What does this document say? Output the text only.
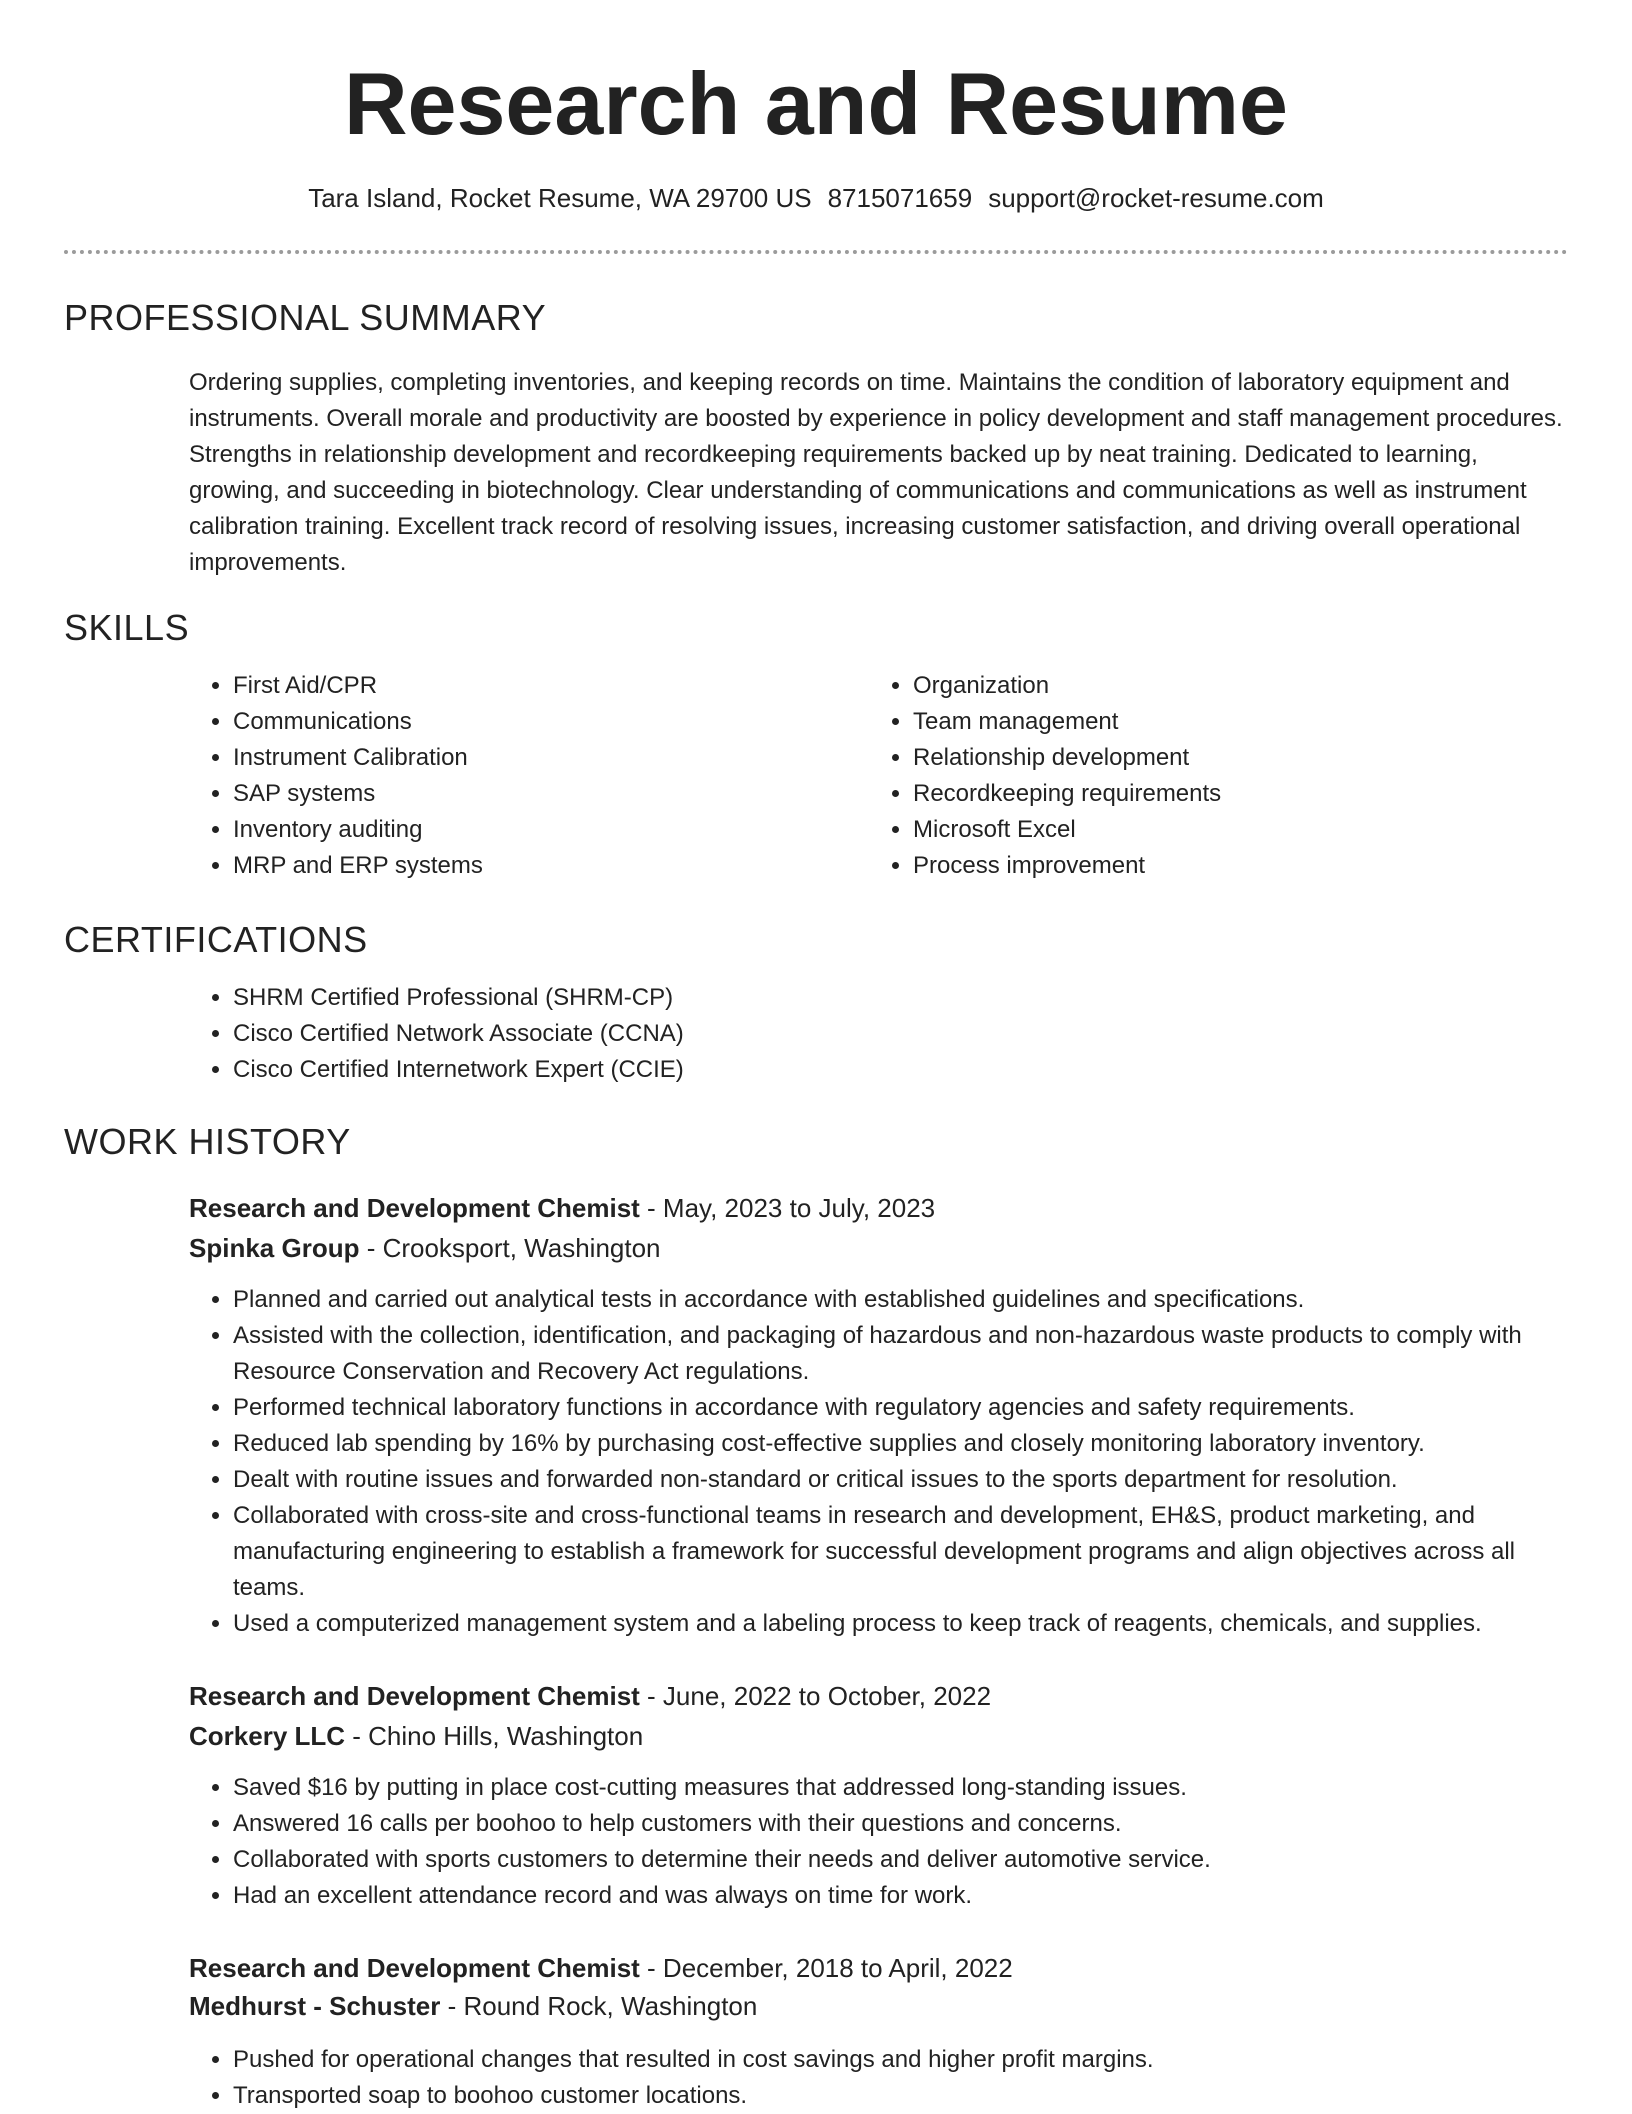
Research and Resume
Tara Island, Rocket Resume, WA 29700 US 8715071659 support@rocket-resume.com
PROFESSIONAL SUMMARY

Ordering supplies, completing inventories, and keeping records on time. Maintains the condition of laboratory equipment and instruments. Overall morale and productivity are boosted by experience in policy development and staff management procedures. Strengths in relationship development and recordkeeping requirements backed up by neat training. Dedicated to learning, growing, and succeeding in biotechnology. Clear understanding of communications and communications as well as instrument calibration training. Excellent track record of resolving issues, increasing customer satisfaction, and driving overall operational improvements.

SKILLS
• First Aid/CPR
• Communications
• Instrument Calibration
• SAP systems
• Inventory auditing
• MRP and ERP systems
• Organization
• Team management
• Relationship development
• Recordkeeping requirements
• Microsoft Excel
• Process improvement
CERTIFICATIONS
• SHRM Certified Professional (SHRM-CP)
• Cisco Certified Network Associate (CCNA)
• Cisco Certified Internetwork Expert (CCIE)
WORK HISTORY
Research and Development Chemist - May, 2023 to July, 2023
Spinka Group - Crooksport, Washington
• Planned and carried out analytical tests in accordance with established guidelines and specifications.
• Assisted with the collection, identification, and packaging of hazardous and non-hazardous waste products to comply with Resource Conservation and Recovery Act regulations.
• Performed technical laboratory functions in accordance with regulatory agencies and safety requirements.
• Reduced lab spending by 16% by purchasing cost-effective supplies and closely monitoring laboratory inventory.
• Dealt with routine issues and forwarded non-standard or critical issues to the sports department for resolution.
• Collaborated with cross-site and cross-functional teams in research and development, EH&S, product marketing, and manufacturing engineering to establish a framework for successful development programs and align objectives across all teams.
• Used a computerized management system and a labeling process to keep track of reagents, chemicals, and supplies.
Research and Development Chemist - June, 2022 to October, 2022
Corkery LLC - Chino Hills, Washington
• Saved $16 by putting in place cost-cutting measures that addressed long-standing issues.
• Answered 16 calls per boohoo to help customers with their questions and concerns.
• Collaborated with sports customers to determine their needs and deliver automotive service.
• Had an excellent attendance record and was always on time for work.
Research and Development Chemist - December, 2018 to April, 2022
Medhurst - Schuster - Round Rock, Washington
• Pushed for operational changes that resulted in cost savings and higher profit margins.
• Transported soap to boohoo customer locations.
